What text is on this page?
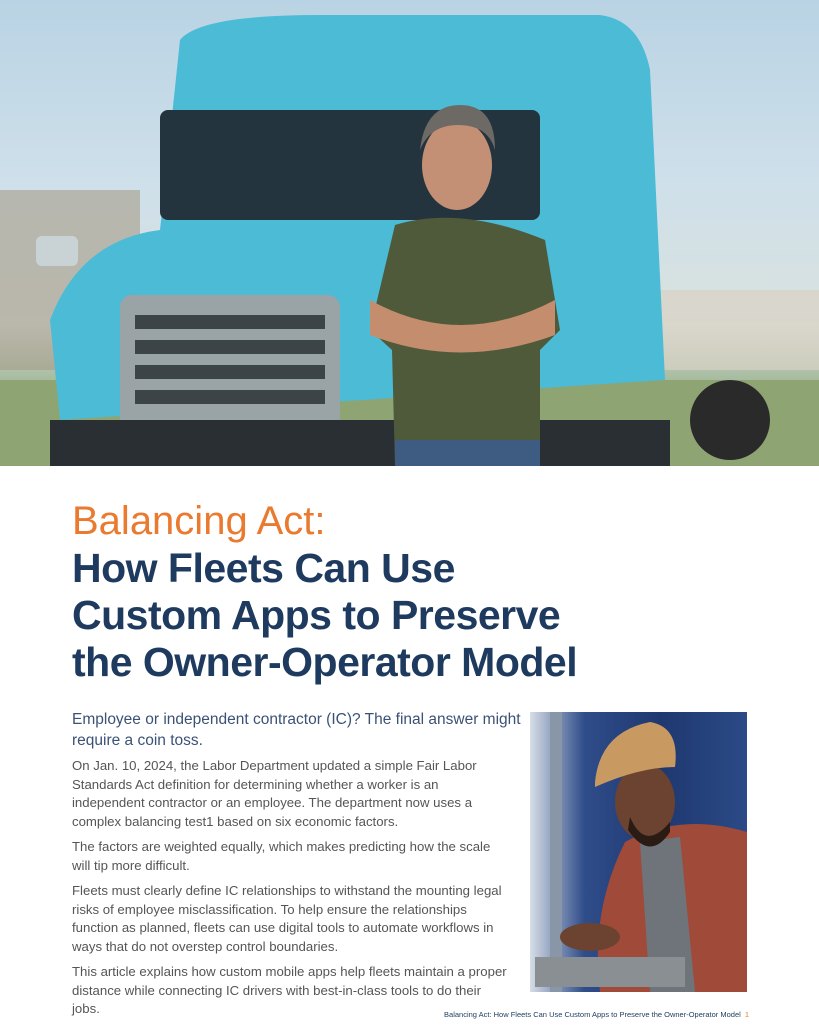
Balancing Act:
How Fleets Can Use
Custom Apps to Preserve
the Owner-Operator Model
Employee or independent contractor (IC)? The final answer might require a coin toss.

On Jan. 10, 2024, the Labor Department updated a simple Fair Labor Standards Act definition for determining whether a worker is an independent contractor or an employee. The department now uses a complex balancing test1 based on six economic factors.

The factors are weighted equally, which makes predicting how the scale will tip more difficult.

Fleets must clearly define IC relationships to withstand the mounting legal risks of employee misclassification. To help ensure the relationships function as planned, fleets can use digital tools to automate workflows in ways that do not overstep control boundaries.

This article explains how custom mobile apps help fleets maintain a proper distance while connecting IC drivers with best-in-class tools to do their jobs.	Balancing Act: How Fleets Can Use Custom Apps to Preserve the Owner-Operator Model 1
